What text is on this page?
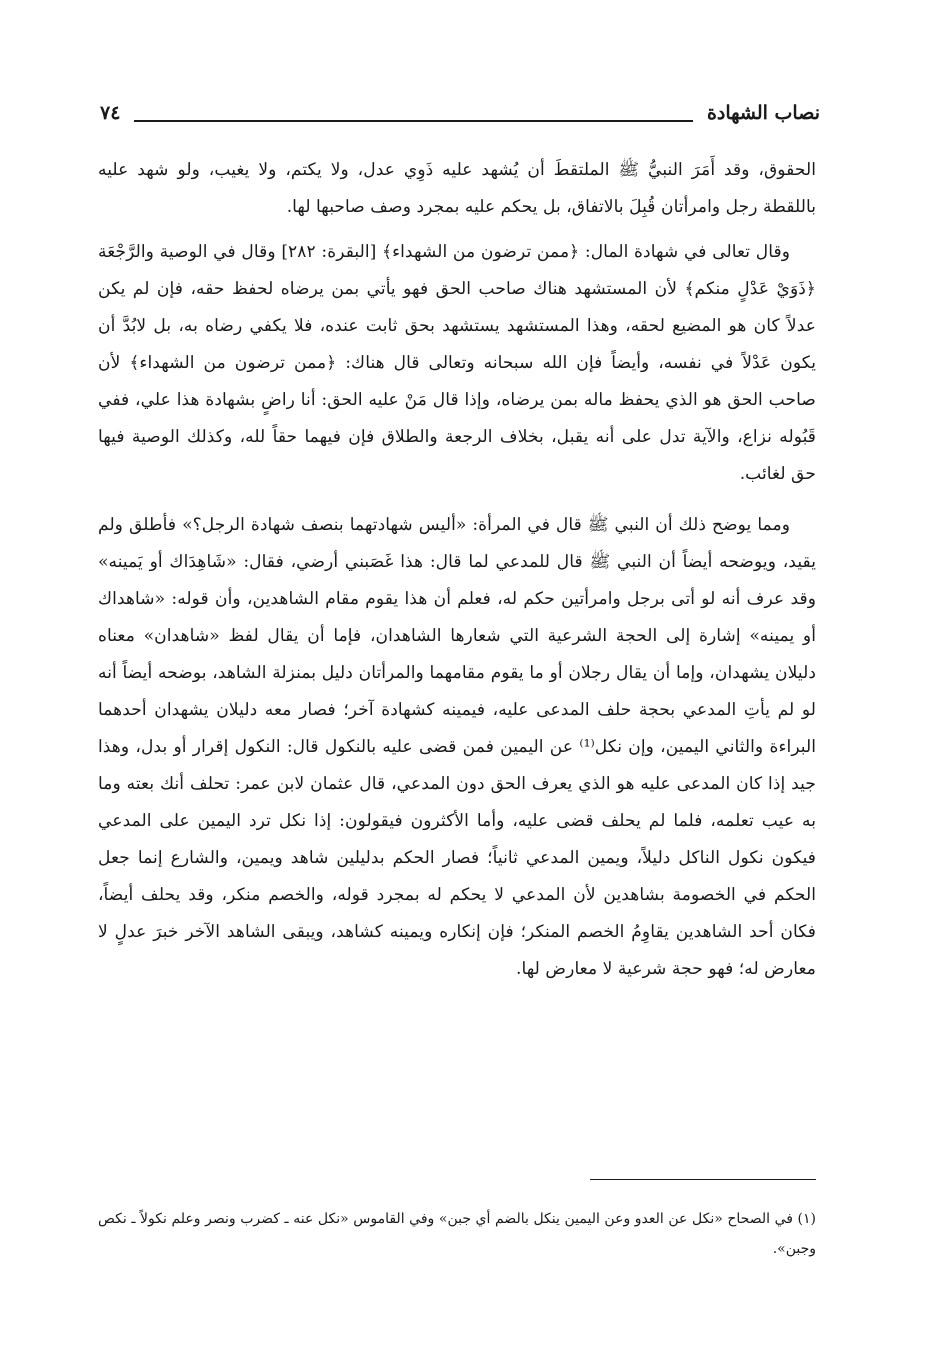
نصاب الشهادة
٧٤

الحقوق، وقد أَمَرَ النبيُّ ﷺ الملتقطَ أن يُشهد عليه ذَوِي عدل، ولا يكتم، ولا يغيب، ولو شهد عليه باللقطة رجل وامرأتان قُبِلَ بالاتفاق، بل يحكم عليه بمجرد وصف صاحبها لها.

وقال تعالى في شهادة المال: ﴿ممن ترضون من الشهداء﴾ [البقرة: ٢٨٢] وقال في الوصية والرَّجْعَة ﴿ذَوَيْ عَدْلٍ منكم﴾ لأن المستشهد هناك صاحب الحق فهو يأتي بمن يرضاه لحفظ حقه، فإن لم يكن عدلاً كان هو المضيع لحقه، وهذا المستشهد يستشهد بحق ثابت عنده، فلا يكفي رضاه به، بل لابُدَّ أن يكون عَدْلاً في نفسه، وأيضاً فإن الله سبحانه وتعالى قال هناك: ﴿ممن ترضون من الشهداء﴾ لأن صاحب الحق هو الذي يحفظ ماله بمن يرضاه، وإذا قال مَنْ عليه الحق: أنا راضٍ بشهادة هذا علي، ففي قَبُوله نزاع، والآية تدل على أنه يقبل، بخلاف الرجعة والطلاق فإن فيهما حقاً لله، وكذلك الوصية فيها حق لغائب.

ومما يوضح ذلك أن النبي ﷺ قال في المرأة: «أليس شهادتهما بنصف شهادة الرجل؟» فأطلق ولم يقيد، ويوضحه أيضاً أن النبي ﷺ قال للمدعي لما قال: هذا غَصَبني أرضي، فقال: «شَاهِدَاك أو يَمينه» وقد عرف أنه لو أتى برجل وامرأتين حكم له، فعلم أن هذا يقوم مقام الشاهدين، وأن قوله: «شاهداك أو يمينه» إشارة إلى الحجة الشرعية التي شعارها الشاهدان، فإما أن يقال لفظ «شاهدان» معناه دليلان يشهدان، وإما أن يقال رجلان أو ما يقوم مقامهما والمرأتان دليل بمنزلة الشاهد، بوضحه أيضاً أنه لو لم يأتِ المدعي بحجة حلف المدعى عليه، فيمينه كشهادة آخر؛ فصار معه دليلان يشهدان أحدهما البراءة والثاني اليمين، وإن نكل⁽¹⁾ عن اليمين فمن قضى عليه بالنكول قال: النكول إقرار أو بدل، وهذا جيد إذا كان المدعى عليه هو الذي يعرف الحق دون المدعي، قال عثمان لابن عمر: تحلف أنك بعته وما به عيب تعلمه، فلما لم يحلف قضى عليه، وأما الأكثرون فيقولون: إذا نكل ترد اليمين على المدعي فيكون نكول الناكل دليلاً، ويمين المدعي ثانياً؛ فصار الحكم بدليلين شاهد ويمين، والشارع إنما جعل الحكم في الخصومة بشاهدين لأن المدعي لا يحكم له بمجرد قوله، والخصم منكر، وقد يحلف أيضاً، فكان أحد الشاهدين يقاوِمُ الخصم المنكر؛ فإن إنكاره ويمينه كشاهد، ويبقى الشاهد الآخر خبرَ عدلٍ لا معارض له؛ فهو حجة شرعية لا معارض لها.

(١) في الصحاح «نكل عن العدو وعن اليمين ينكل بالضم أي جبن» وفي القاموس «نكل عنه ـ كضرب ونصر وعلم نكولاً ـ نكص وجبن».
